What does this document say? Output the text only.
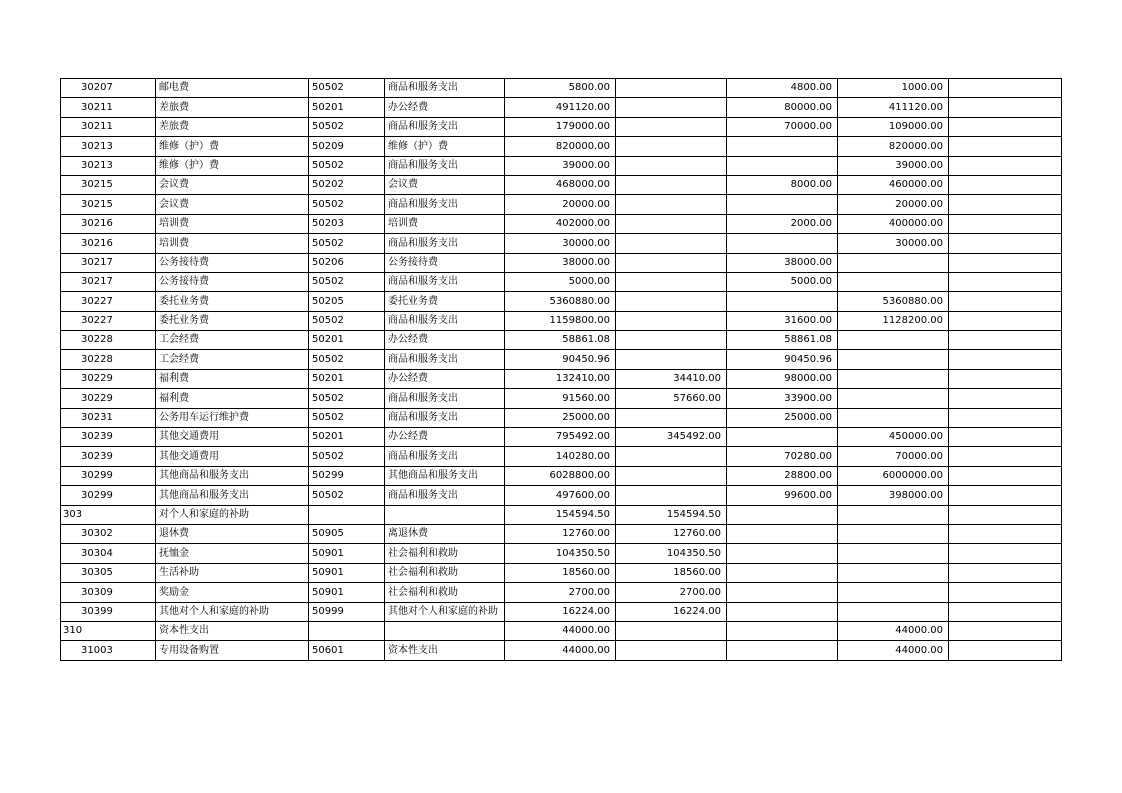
30207	邮电费	50502	商品和服务支出	5800.00		4800.00	1000.00	
30211	差旅费	50201	办公经费	491120.00		80000.00	411120.00	
30211	差旅费	50502	商品和服务支出	179000.00		70000.00	109000.00	
30213	维修（护）费	50209	维修（护）费	820000.00			820000.00	
30213	维修（护）费	50502	商品和服务支出	39000.00			39000.00	
30215	会议费	50202	会议费	468000.00		8000.00	460000.00	
30215	会议费	50502	商品和服务支出	20000.00			20000.00	
30216	培训费	50203	培训费	402000.00		2000.00	400000.00	
30216	培训费	50502	商品和服务支出	30000.00			30000.00	
30217	公务接待费	50206	公务接待费	38000.00		38000.00		
30217	公务接待费	50502	商品和服务支出	5000.00		5000.00		
30227	委托业务费	50205	委托业务费	5360880.00			5360880.00	
30227	委托业务费	50502	商品和服务支出	1159800.00		31600.00	1128200.00	
30228	工会经费	50201	办公经费	58861.08		58861.08		
30228	工会经费	50502	商品和服务支出	90450.96		90450.96		
30229	福利费	50201	办公经费	132410.00	34410.00	98000.00		
30229	福利费	50502	商品和服务支出	91560.00	57660.00	33900.00		
30231	公务用车运行维护费	50502	商品和服务支出	25000.00		25000.00		
30239	其他交通费用	50201	办公经费	795492.00	345492.00		450000.00	
30239	其他交通费用	50502	商品和服务支出	140280.00		70280.00	70000.00	
30299	其他商品和服务支出	50299	其他商品和服务支出	6028800.00		28800.00	6000000.00	
30299	其他商品和服务支出	50502	商品和服务支出	497600.00		99600.00	398000.00	
303	对个人和家庭的补助			154594.50	154594.50			
30302	退休费	50905	离退休费	12760.00	12760.00			
30304	抚恤金	50901	社会福利和救助	104350.50	104350.50			
30305	生活补助	50901	社会福利和救助	18560.00	18560.00			
30309	奖励金	50901	社会福利和救助	2700.00	2700.00			
30399	其他对个人和家庭的补助	50999	其他对个人和家庭的补助	16224.00	16224.00			
310	资本性支出			44000.00			44000.00	
31003	专用设备购置	50601	资本性支出	44000.00			44000.00	
